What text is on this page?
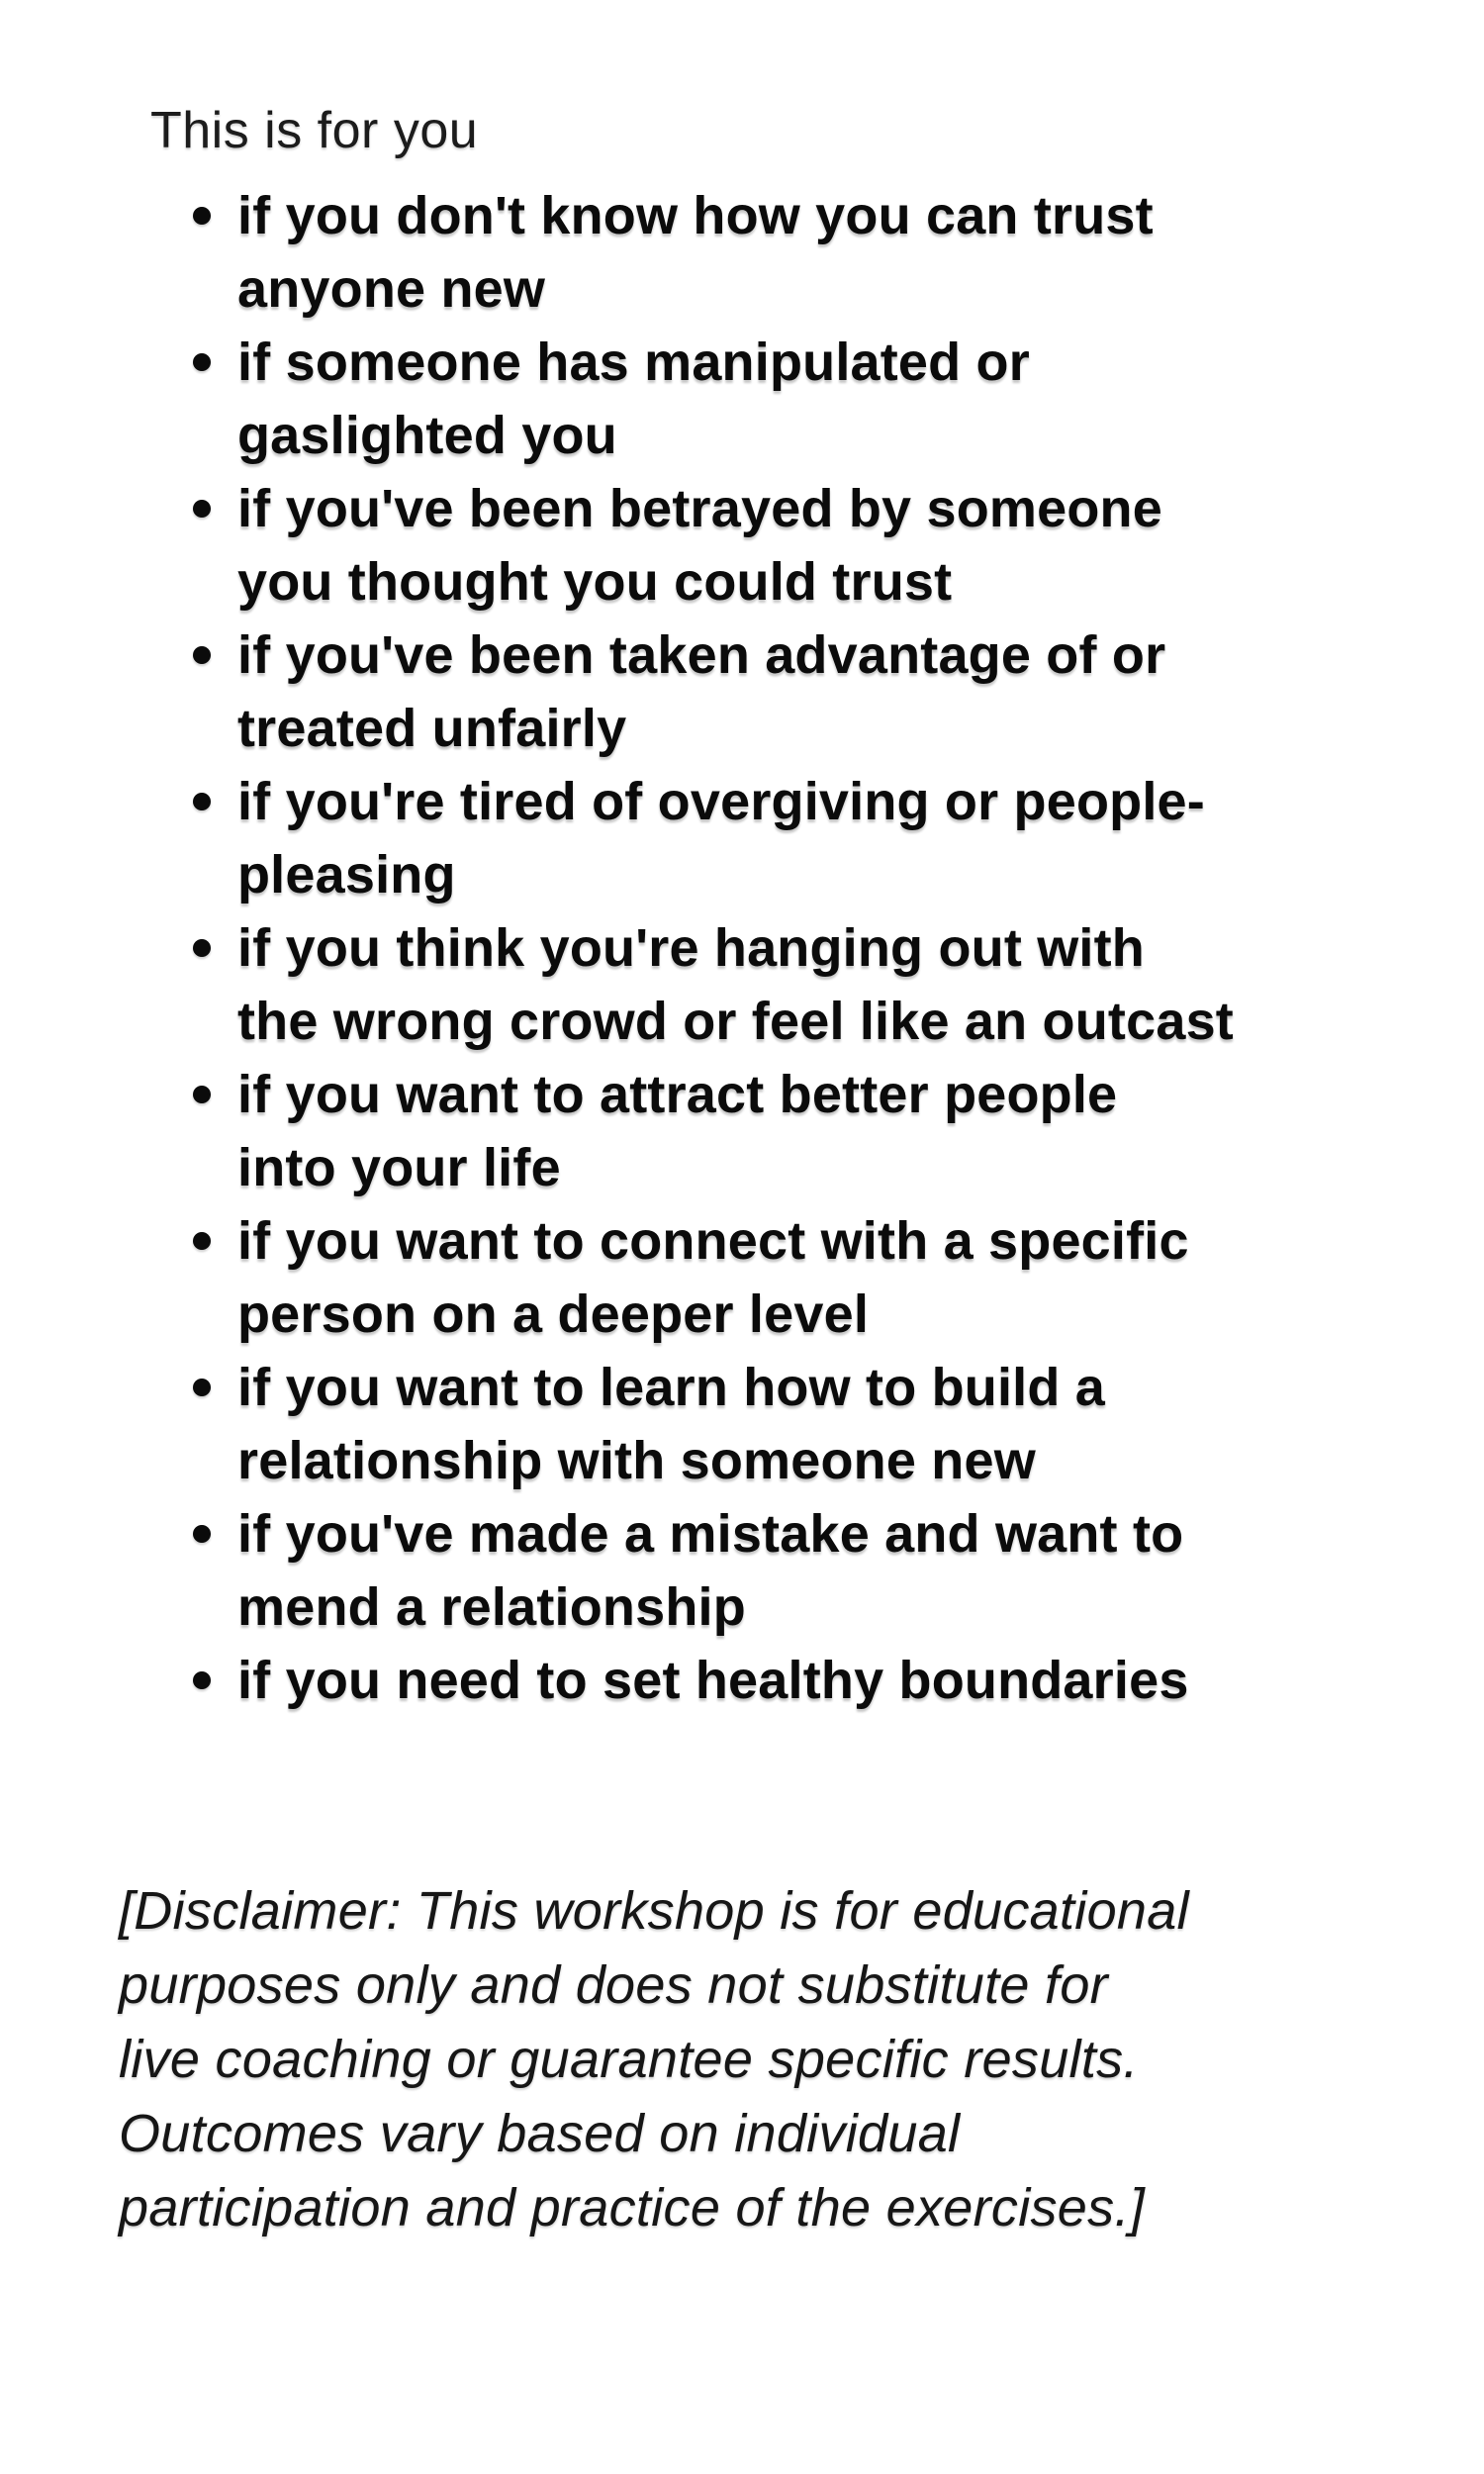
This is for you
if you don't know how you can trust
anyone new
if someone has manipulated or
gaslighted you
if you've been betrayed by someone
you thought you could trust
if you've been taken advantage of or
treated unfairly
if you're tired of overgiving or people-
pleasing
if you think you're hanging out with
the wrong crowd or feel like an outcast
if you want to attract better people
into your life
if you want to connect with a specific
person on a deeper level
if you want to learn how to build a
relationship with someone new
if you've made a mistake and want to
mend a relationship
if you need to set healthy boundaries
[Disclaimer: This workshop is for educational
purposes only and does not substitute for
live coaching or guarantee specific results.
Outcomes vary based on individual
participation and practice of the exercises.]
